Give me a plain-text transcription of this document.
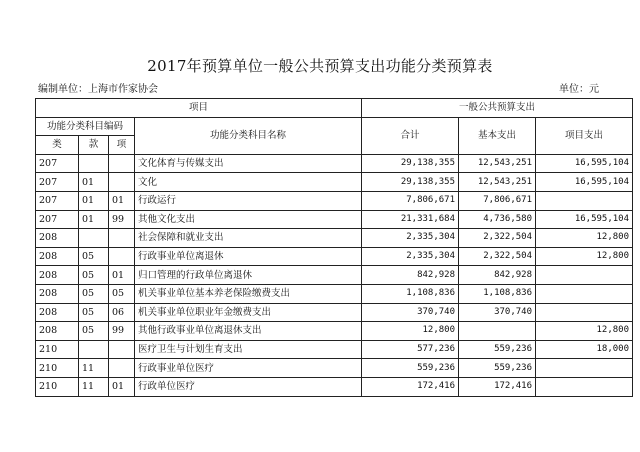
2017年预算单位一般公共预算支出功能分类预算表
编制单位：上海市作家协会	单位：元
项目				一般公共预算支出		
功能分类科目编码			功能分类科目名称	合计	基本支出	项目支出
类	款	项				
207			文化体育与传媒支出	29,138,355	12,543,251	16,595,104
207	01		文化	29,138,355	12,543,251	16,595,104
207	01	01	行政运行	7,806,671	7,806,671	
207	01	99	其他文化支出	21,331,684	4,736,580	16,595,104
208			社会保障和就业支出	2,335,304	2,322,504	12,800
208	05		行政事业单位离退休	2,335,304	2,322,504	12,800
208	05	01	归口管理的行政单位离退休	842,928	842,928	
208	05	05	机关事业单位基本养老保险缴费支出	1,108,836	1,108,836	
208	05	06	机关事业单位职业年金缴费支出	370,740	370,740	
208	05	99	其他行政事业单位离退休支出	12,800		12,800
210			医疗卫生与计划生育支出	577,236	559,236	18,000
210	11		行政事业单位医疗	559,236	559,236	
210	11	01	行政单位医疗	172,416	172,416	
